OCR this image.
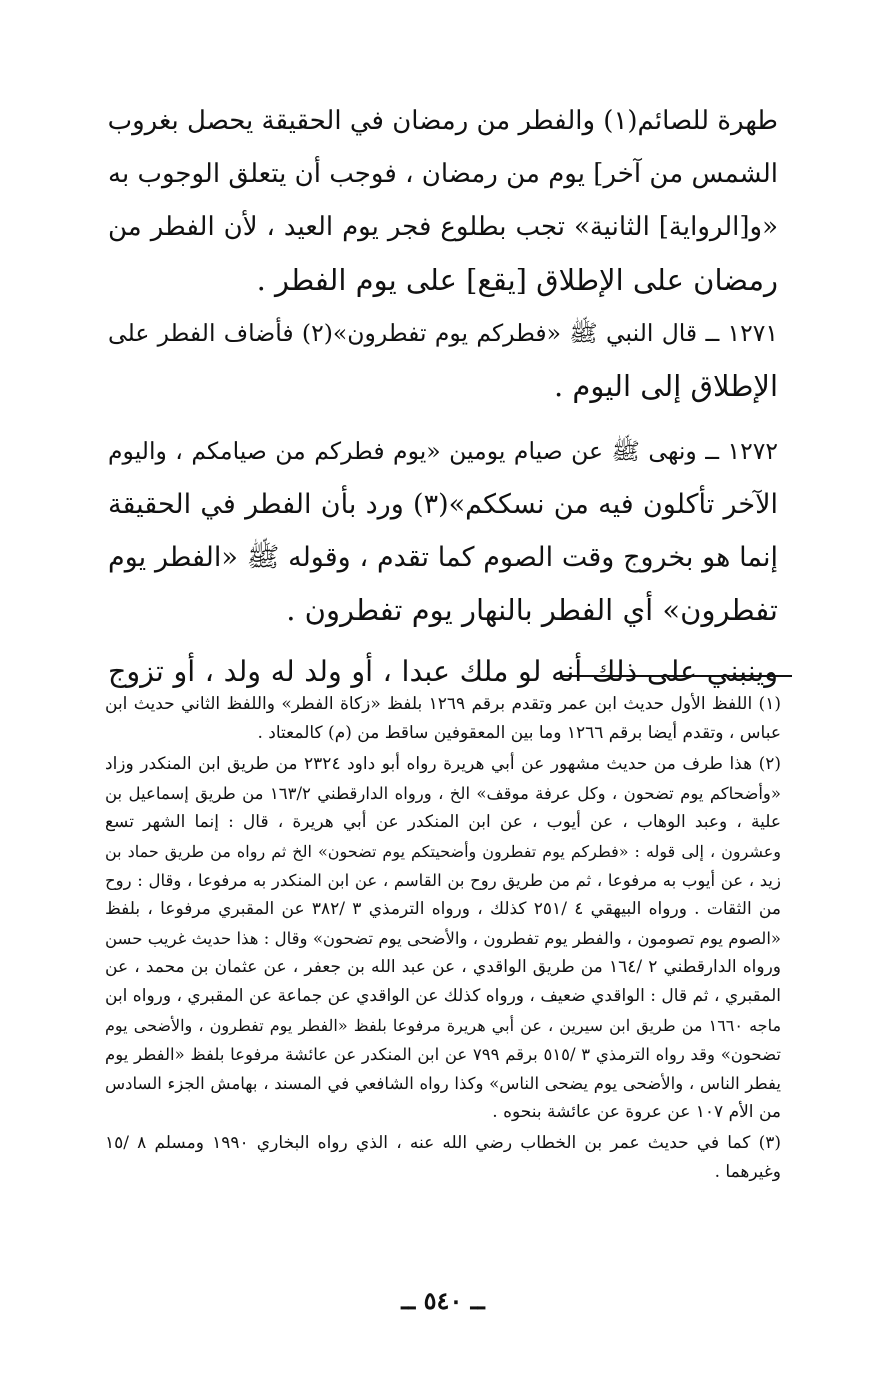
طهرة للصائم(١) والفطر من رمضان في الحقيقة يحصل بغروب
الشمس من آخر] يوم من رمضان ، فوجب أن يتعلق الوجوب به
«و[الرواية] الثانية» تجب بطلوع فجر يوم العيد ، لأن الفطر من
رمضان على الإطلاق [يقع] على يوم الفطر .
١٢٧١ ــ قال النبي ﷺ «فطركم يوم تفطرون»(٢) فأضاف الفطر على
الإطلاق إلى اليوم .
١٢٧٢ ــ ونهى ﷺ عن صيام يومين «يوم فطركم من صيامكم ، واليوم
الآخر تأكلون فيه من نسككم»(٣) ورد بأن الفطر في الحقيقة
إنما هو بخروج وقت الصوم كما تقدم ، وقوله ﷺ «الفطر يوم
تفطرون» أي الفطر بالنهار يوم تفطرون .
وينبني على ذلك أنه لو ملك عبدا ، أو ولد له ولد ، أو تزوج
(١) اللفظ الأول حديث ابن عمر وتقدم برقم ١٢٦٩ بلفظ «زكاة الفطر» واللفظ الثاني حديث ابن
عباس ، وتقدم أيضا برقم ١٢٦٦ وما بين المعقوفين ساقط من (م) كالمعتاد .
(٢) هذا طرف من حديث مشهور عن أبي هريرة رواه أبو داود ٢٣٢٤ من طريق ابن المنكدر وزاد
«وأضحاكم يوم تضحون ، وكل عرفة موقف» الخ ، ورواه الدارقطني ١٦٣/٢ من طريق إسماعيل بن
علية ، وعبد الوهاب ، عن أيوب ، عن ابن المنكدر عن أبي هريرة ، قال : إنما الشهر تسع
وعشرون ، إلى قوله : «فطركم يوم تفطرون وأضحيتكم يوم تضحون» الخ ثم رواه من طريق حماد بن
زيد ، عن أيوب به مرفوعا ، ثم من طريق روح بن القاسم ، عن ابن المنكدر به مرفوعا ، وقال : روح
من الثقات . ورواه البيهقي ٤ /٢٥١ كذلك ، ورواه الترمذي ٣ /٣٨٢ عن المقبري مرفوعا ، بلفظ
«الصوم يوم تصومون ، والفطر يوم تفطرون ، والأضحى يوم تضحون» وقال : هذا حديث غريب حسن
ورواه الدارقطني ٢ /١٦٤ من طريق الواقدي ، عن عبد الله بن جعفر ، عن عثمان بن محمد ، عن
المقبري ، ثم قال : الواقدي ضعيف ، ورواه كذلك عن الواقدي عن جماعة عن المقبري ، ورواه ابن
ماجه ١٦٦٠ من طريق ابن سيرين ، عن أبي هريرة مرفوعا بلفظ «الفطر يوم تفطرون ، والأضحى يوم
تضحون» وقد رواه الترمذي ٣ /٥١٥ برقم ٧٩٩ عن ابن المنكدر عن عائشة مرفوعا بلفظ «الفطر يوم
يفطر الناس ، والأضحى يوم يضحى الناس» وكذا رواه الشافعي في المسند ، بهامش الجزء السادس
من الأم ١٠٧ عن عروة عن عائشة بنحوه .
(٣) كما في حديث عمر بن الخطاب رضي الله عنه ، الذي رواه البخاري ١٩٩٠ ومسلم ٨ /١٥
وغيرهما .
ــ ٥٤٠ ــ
